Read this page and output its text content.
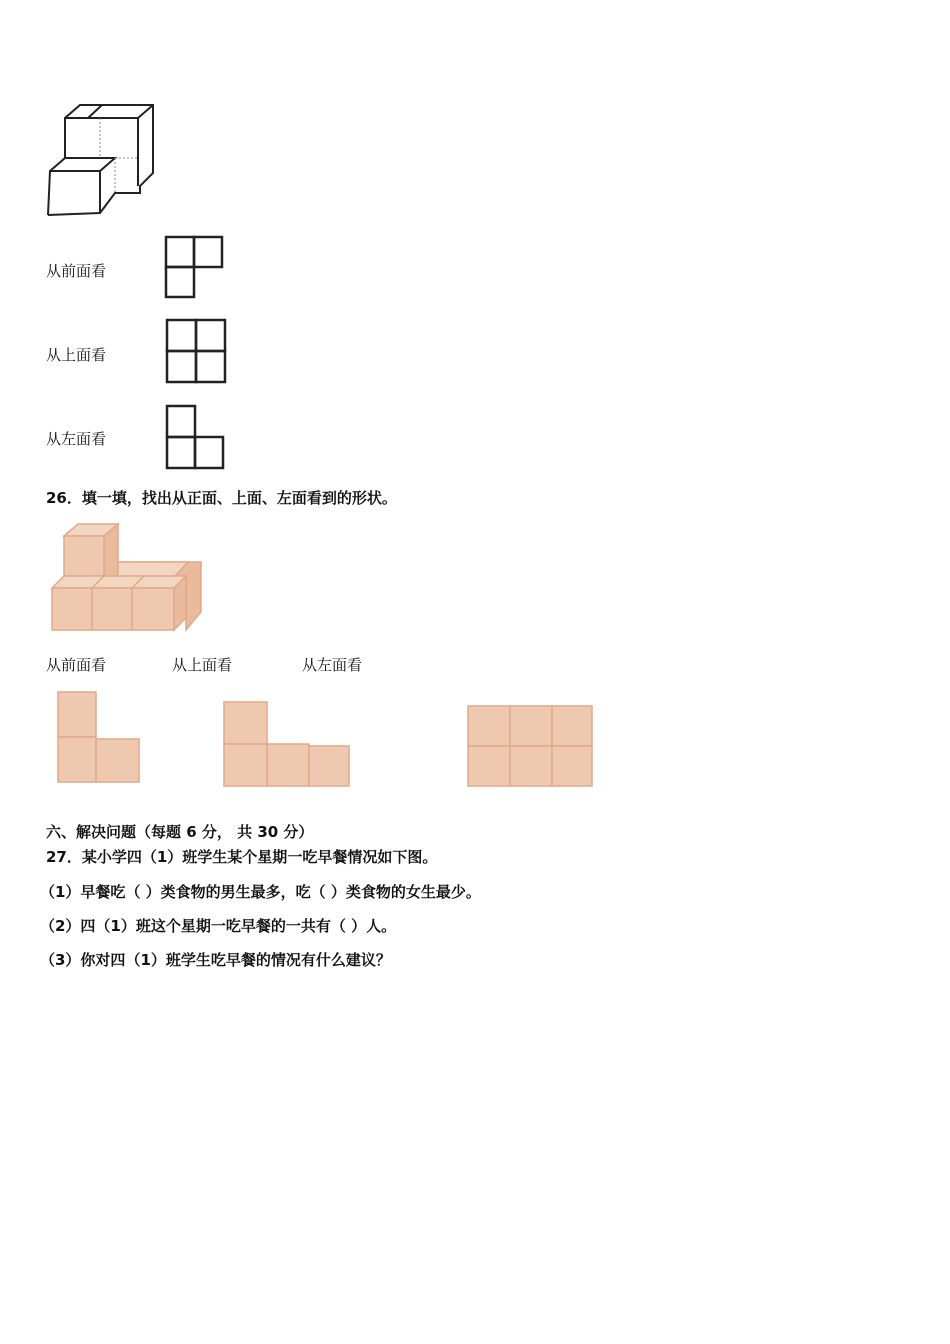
从前面看
从上面看
从左面看
26．填一填，找出从正面、上面、左面看到的形状。
从前面看	从上面看	从左面看
六、解决问题（每题 6 分， 共 30 分）
27．某小学四（1）班学生某个星期一吃早餐情况如下图。
（1）早餐吃（ ）类食物的男生最多，吃（ ）类食物的女生最少。
（2）四（1）班这个星期一吃早餐的一共有（ ）人。
（3）你对四（1）班学生吃早餐的情况有什么建议？
